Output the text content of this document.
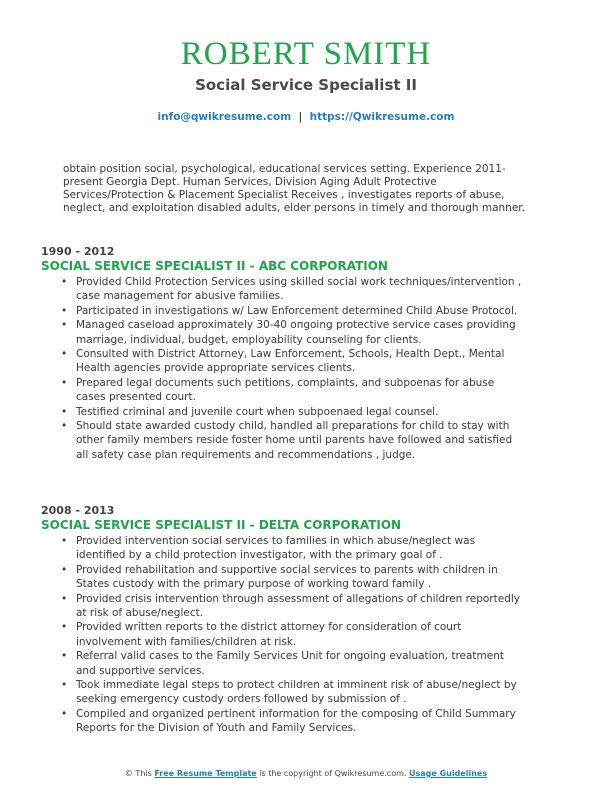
ROBERT SMITH
Social Service Specialist II
info@qwikresume.com | https://Qwikresume.com
obtain position social, psychological, educational services setting. Experience 2011-present Georgia Dept. Human Services, Division Aging Adult Protective Services/Protection & Placement Specialist Receives , investigates reports of abuse, neglect, and exploitation disabled adults, elder persons in timely and thorough manner.
1990 - 2012
SOCIAL SERVICE SPECIALIST II - ABC CORPORATION
• Provided Child Protection Services using skilled social work techniques/intervention , case management for abusive families.
• Participated in investigations w/ Law Enforcement determined Child Abuse Protocol.
• Managed caseload approximately 30-40 ongoing protective service cases providing marriage, individual, budget, employability counseling for clients.
• Consulted with District Attorney, Law Enforcement, Schools, Health Dept., Mental Health agencies provide appropriate services clients.
• Prepared legal documents such petitions, complaints, and subpoenas for abuse cases presented court.
• Testified criminal and juvenile court when subpoenaed legal counsel.
• Should state awarded custody child, handled all preparations for child to stay with other family members reside foster home until parents have followed and satisfied all safety case plan requirements and recommendations , judge.
2008 - 2013
SOCIAL SERVICE SPECIALIST II - DELTA CORPORATION
• Provided intervention social services to families in which abuse/neglect was identified by a child protection investigator, with the primary goal of .
• Provided rehabilitation and supportive social services to parents with children in States custody with the primary purpose of working toward family .
• Provided crisis intervention through assessment of allegations of children reportedly at risk of abuse/neglect.
• Provided written reports to the district attorney for consideration of court involvement with families/children at risk.
• Referral valid cases to the Family Services Unit for ongoing evaluation, treatment and supportive services.
• Took immediate legal steps to protect children at imminent risk of abuse/neglect by seeking emergency custody orders followed by submission of .
• Compiled and organized pertinent information for the composing of Child Summary Reports for the Division of Youth and Family Services.
© This Free Resume Template is the copyright of Qwikresume.com. Usage Guidelines
